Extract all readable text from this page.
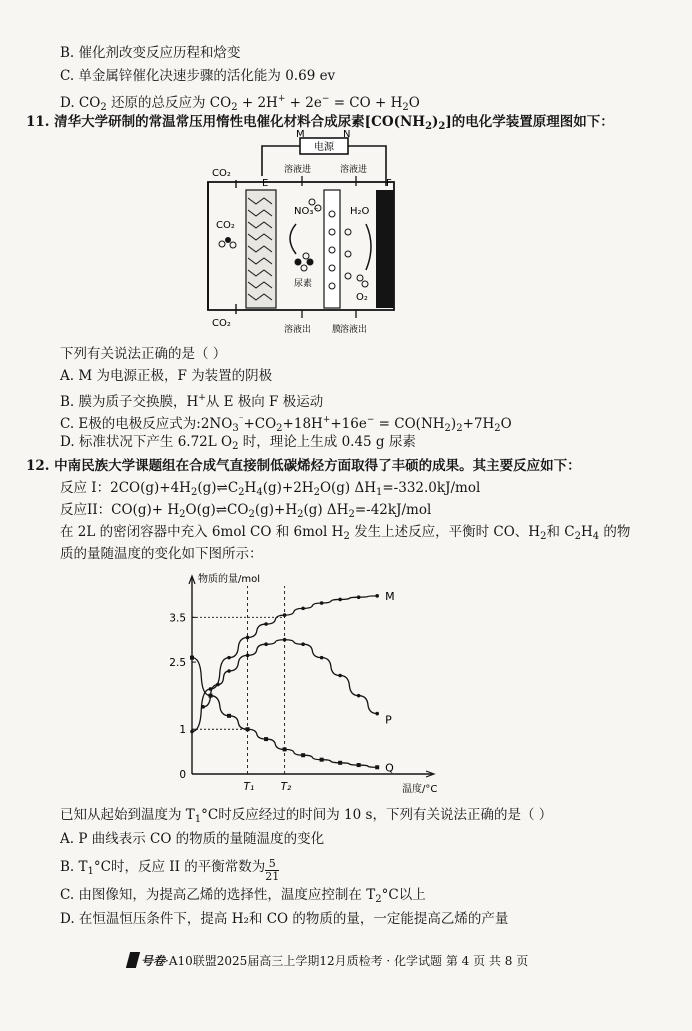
B. 催化剂改变反应历程和焓变
C. 单金属锌催化决速步骤的活化能为 0.69 ev
D. $CO_2$ 还原的总反应为 $CO_2 + 2H^+ + 2e^-$ = CO + $H_2O$
11. 清华大学研制的常温常压用惰性电催化材料合成尿素$[CO(NH_2)_2]$的电化学装置原理图如下：
电源
M	N
CO₂
CO₂
CO₂
E
溶液进
NO₃⁻
尿素
溶液出 膜
溶液进
H₂O
O₂
溶液出
F
下列有关说法正确的是（ ）
A. M 为电源正极，F 为装置的阴极
B. 膜为质子交换膜，H+从 E 极向 F 极运动
C. E极的电极反应式为$:2NO_3^{^-}+CO_2+18H^++16e^- = CO(NH_2)_2+7H_2O$
D. 标准状况下产生 6.72L $O_2$ 时，理论上生成 0.45 g 尿素
12. 中南民族大学课题组在合成气直接制低碳烯烃方面取得了丰硕的成果。其主要反应如下：
反应 I：$2CO(g)+4H_2(g)\rightleftharpoons C_2H_4(g)+2H_2O(g)$ $\Delta H_1=-332.0kJ$/mol
反应II：$CO(g)+ H_2O(g)\rightleftharpoons CO_2(g)+H_2(g)$ $\Delta H_2=-42kJ$/mol
在 2L 的密闭容器中充入 6mol CO 和 6mol $H_2$ 发生上述反应，平衡时 CO、$H_2$和 $C_2H_4$ 的物
质的量随温度的变化如下图所示：
物质的量/mol
温度/°C
0
1
2.5
3.5
T₁	T₂
M
P
Q
已知从起始到温度为 $T_1^\circ C$时反应经过的时间为 10 s，下列有关说法正确的是（ ）
A. P 曲线表示 CO 的物质的量随温度的变化
B. $T_1^\circ C$时，反应 II 的平衡常数为 $\frac{5}{21}$
C. 由图像知，为提高乙烯的选择性，温度应控制在 $T_2^\circ C$以上
D. 在恒温恒压条件下，提高 H₂和 CO 的物质的量，一定能提高乙烯的产量
号卷·A10联盟2025届高三上学期12月质检考 · 化学试题 第 4 页 共 8 页
